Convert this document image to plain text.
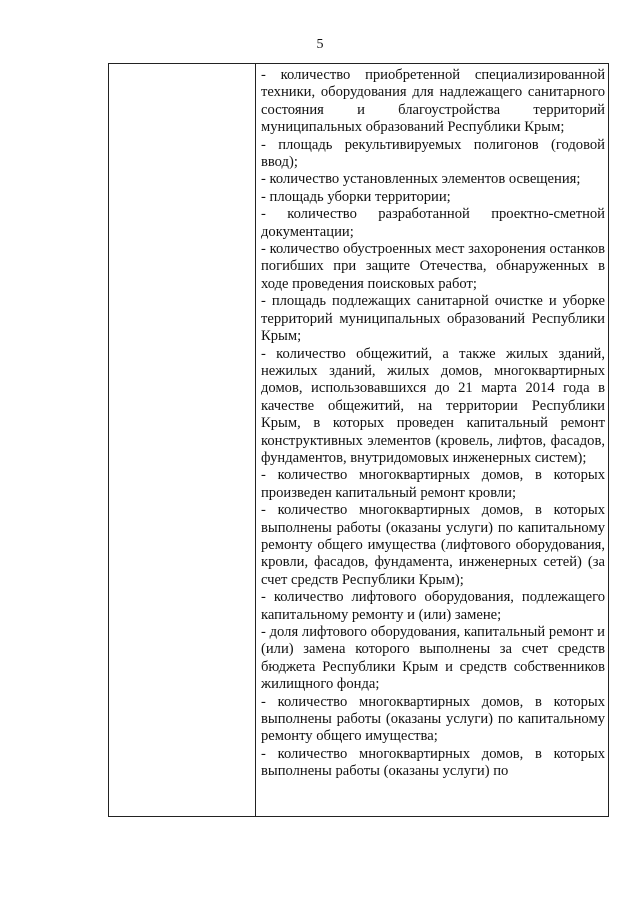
5

- количество приобретенной специализированной техники, оборудования для надлежащего санитарного состояния и благоустройства территорий муниципальных образований Республики Крым;

- площадь рекультивируемых полигонов (годовой ввод);

- количество установленных элементов освещения;

- площадь уборки территории;

- количество разработанной проектно-сметной документации;

- количество обустроенных мест захоронения останков погибших при защите Отечества, обнаруженных в ходе проведения поисковых работ;

- площадь подлежащих санитарной очистке и уборке территорий муниципальных образований Республики Крым;

- количество общежитий, а также жилых зданий, нежилых зданий, жилых домов, многоквартирных домов, использовавшихся до 21 марта 2014 года в качестве общежитий, на территории Республики Крым, в которых проведен капитальный ремонт конструктивных элементов (кровель, лифтов, фасадов, фундаментов, внутридомовых инженерных систем);

- количество многоквартирных домов, в которых произведен капитальный ремонт кровли;

- количество многоквартирных домов, в которых выполнены работы (оказаны услуги) по капитальному ремонту общего имущества (лифтового оборудования, кровли, фасадов, фундамента, инженерных сетей) (за счет средств Республики Крым);

- количество лифтового оборудования, подлежащего капитальному ремонту и (или) замене;

- доля лифтового оборудования, капитальный ремонт и (или) замена которого выполнены за счет средств бюджета Республики Крым и средств собственников жилищного фонда;

- количество многоквартирных домов, в которых выполнены работы (оказаны услуги) по капитальному ремонту общего имущества;

- количество многоквартирных домов, в которых выполнены работы (оказаны услуги) по
